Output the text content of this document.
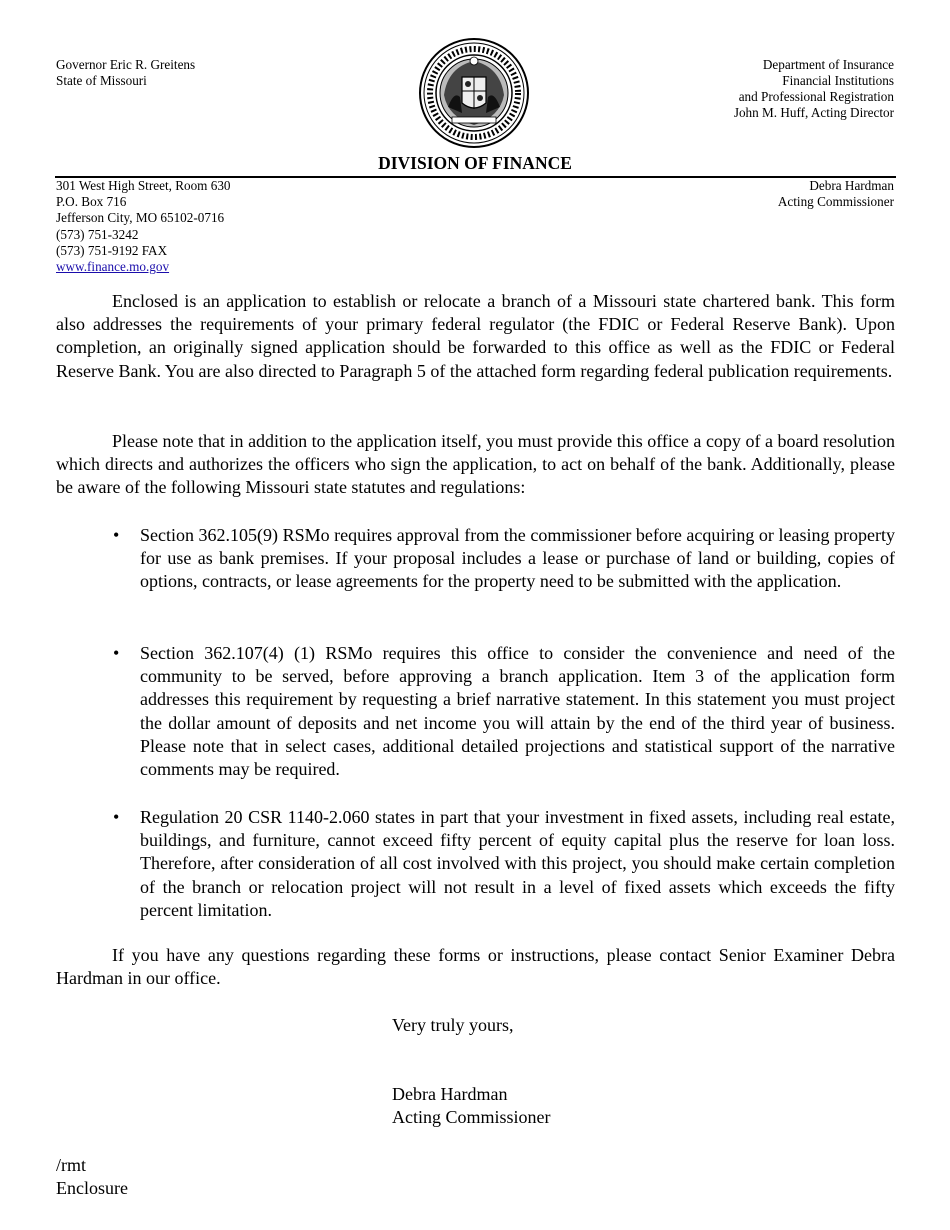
Governor Eric R. Greitens
State of Missouri
Department of Insurance
Financial Institutions
and Professional Registration
John M. Huff, Acting Director
DIVISION OF FINANCE
301 West High Street, Room 630
P.O. Box 716
Jefferson City, MO 65102-0716
(573) 751-3242
(573) 751-9192 FAX
www.finance.mo.gov
Debra Hardman
Acting Commissioner

Enclosed is an application to establish or relocate a branch of a Missouri state chartered bank. This form also addresses the requirements of your primary federal regulator (the FDIC or Federal Reserve Bank). Upon completion, an originally signed application should be forwarded to this office as well as the FDIC or Federal Reserve Bank. You are also directed to Paragraph 5 of the attached form regarding federal publication requirements.

Please note that in addition to the application itself, you must provide this office a copy of a board resolution which directs and authorizes the officers who sign the application, to act on behalf of the bank. Additionally, please be aware of the following Missouri state statutes and regulations:

• Section 362.105(9) RSMo requires approval from the commissioner before acquiring or leasing property for use as bank premises. If your proposal includes a lease or purchase of land or building, copies of options, contracts, or lease agreements for the property need to be submitted with the application.
• Section 362.107(4) (1) RSMo requires this office to consider the convenience and need of the community to be served, before approving a branch application. Item 3 of the application form addresses this requirement by requesting a brief narrative statement. In this statement you must project the dollar amount of deposits and net income you will attain by the end of the third year of business. Please note that in select cases, additional detailed projections and statistical support of the narrative comments may be required.
• Regulation 20 CSR 1140-2.060 states in part that your investment in fixed assets, including real estate, buildings, and furniture, cannot exceed fifty percent of equity capital plus the reserve for loan loss. Therefore, after consideration of all cost involved with this project, you should make certain completion of the branch or relocation project will not result in a level of fixed assets which exceeds the fifty percent limitation.

If you have any questions regarding these forms or instructions, please contact Senior Examiner Debra Hardman in our office.

Very truly yours,
Debra Hardman
Acting Commissioner
/rmt
Enclosure
